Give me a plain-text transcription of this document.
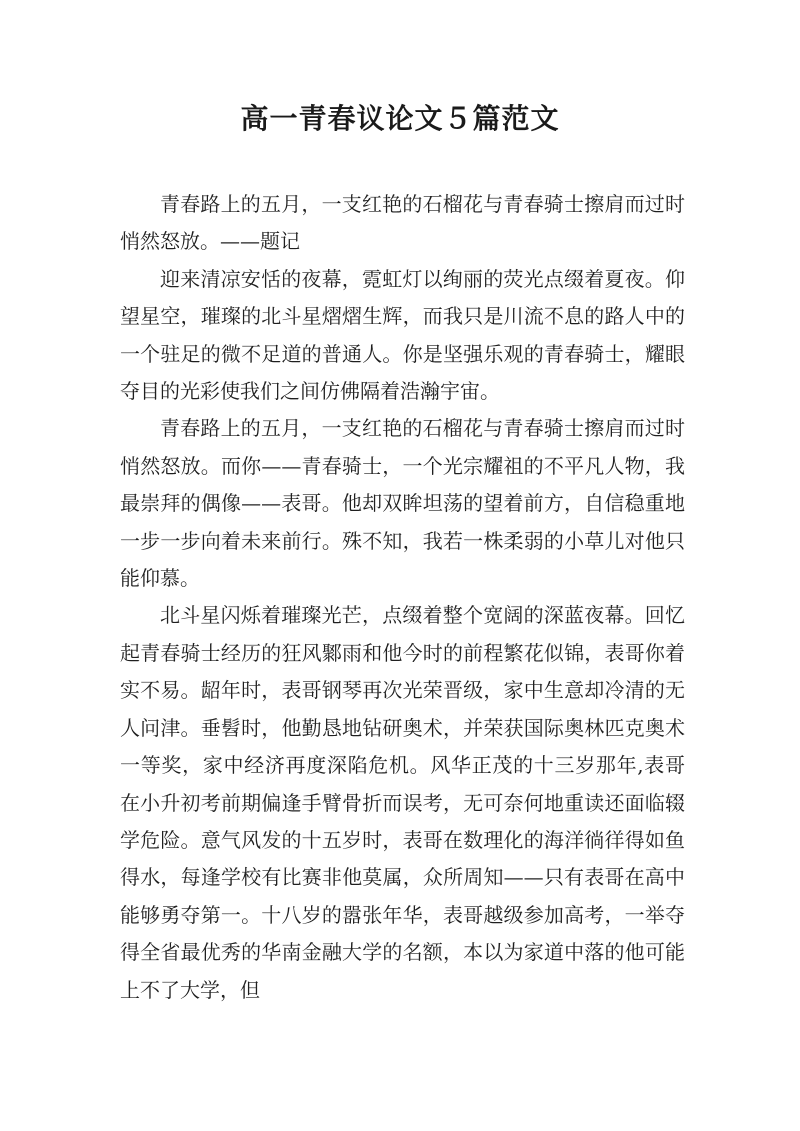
高一青春议论文５篇范文

青春路上的五月，一支红艳的石榴花与青春骑士擦肩而过时悄然怒放。——题记

迎来清凉安恬的夜幕，霓虹灯以绚丽的荧光点缀着夏夜。仰望星空，璀璨的北斗星熠熠生辉，而我只是川流不息的路人中的一个驻足的微不足道的普通人。你是坚强乐观的青春骑士，耀眼夺目的光彩使我们之间仿佛隔着浩瀚宇宙。

青春路上的五月，一支红艳的石榴花与青春骑士擦肩而过时悄然怒放。而你——青春骑士，一个光宗耀祖的不平凡人物，我最崇拜的偶像——表哥。他却双眸坦荡的望着前方，自信稳重地一步一步向着未来前行。殊不知，我若一株柔弱的小草儿对他只能仰慕。

北斗星闪烁着璀璨光芒，点缀着整个宽阔的深蓝夜幕。回忆起青春骑士经历的狂风鄹雨和他今时的前程繁花似锦，表哥你着实不易。龆年时，表哥钢琴再次光荣晋级，家中生意却冷清的无人问津。垂髫时，他勤恳地钻研奥术，并荣获国际奥林匹克奥术一等奖，家中经济再度深陷危机。风华正茂的十三岁那年,表哥在小升初考前期偏逢手臂骨折而误考，无可奈何地重读还面临辍学危险。意气风发的十五岁时，表哥在数理化的海洋徜徉得如鱼得水，每逢学校有比赛非他莫属，众所周知——只有表哥在高中能够勇夺第一。十八岁的嚣张年华，表哥越级参加高考，一举夺得全省最优秀的华南金融大学的名额，本以为家道中落的他可能上不了大学，但
